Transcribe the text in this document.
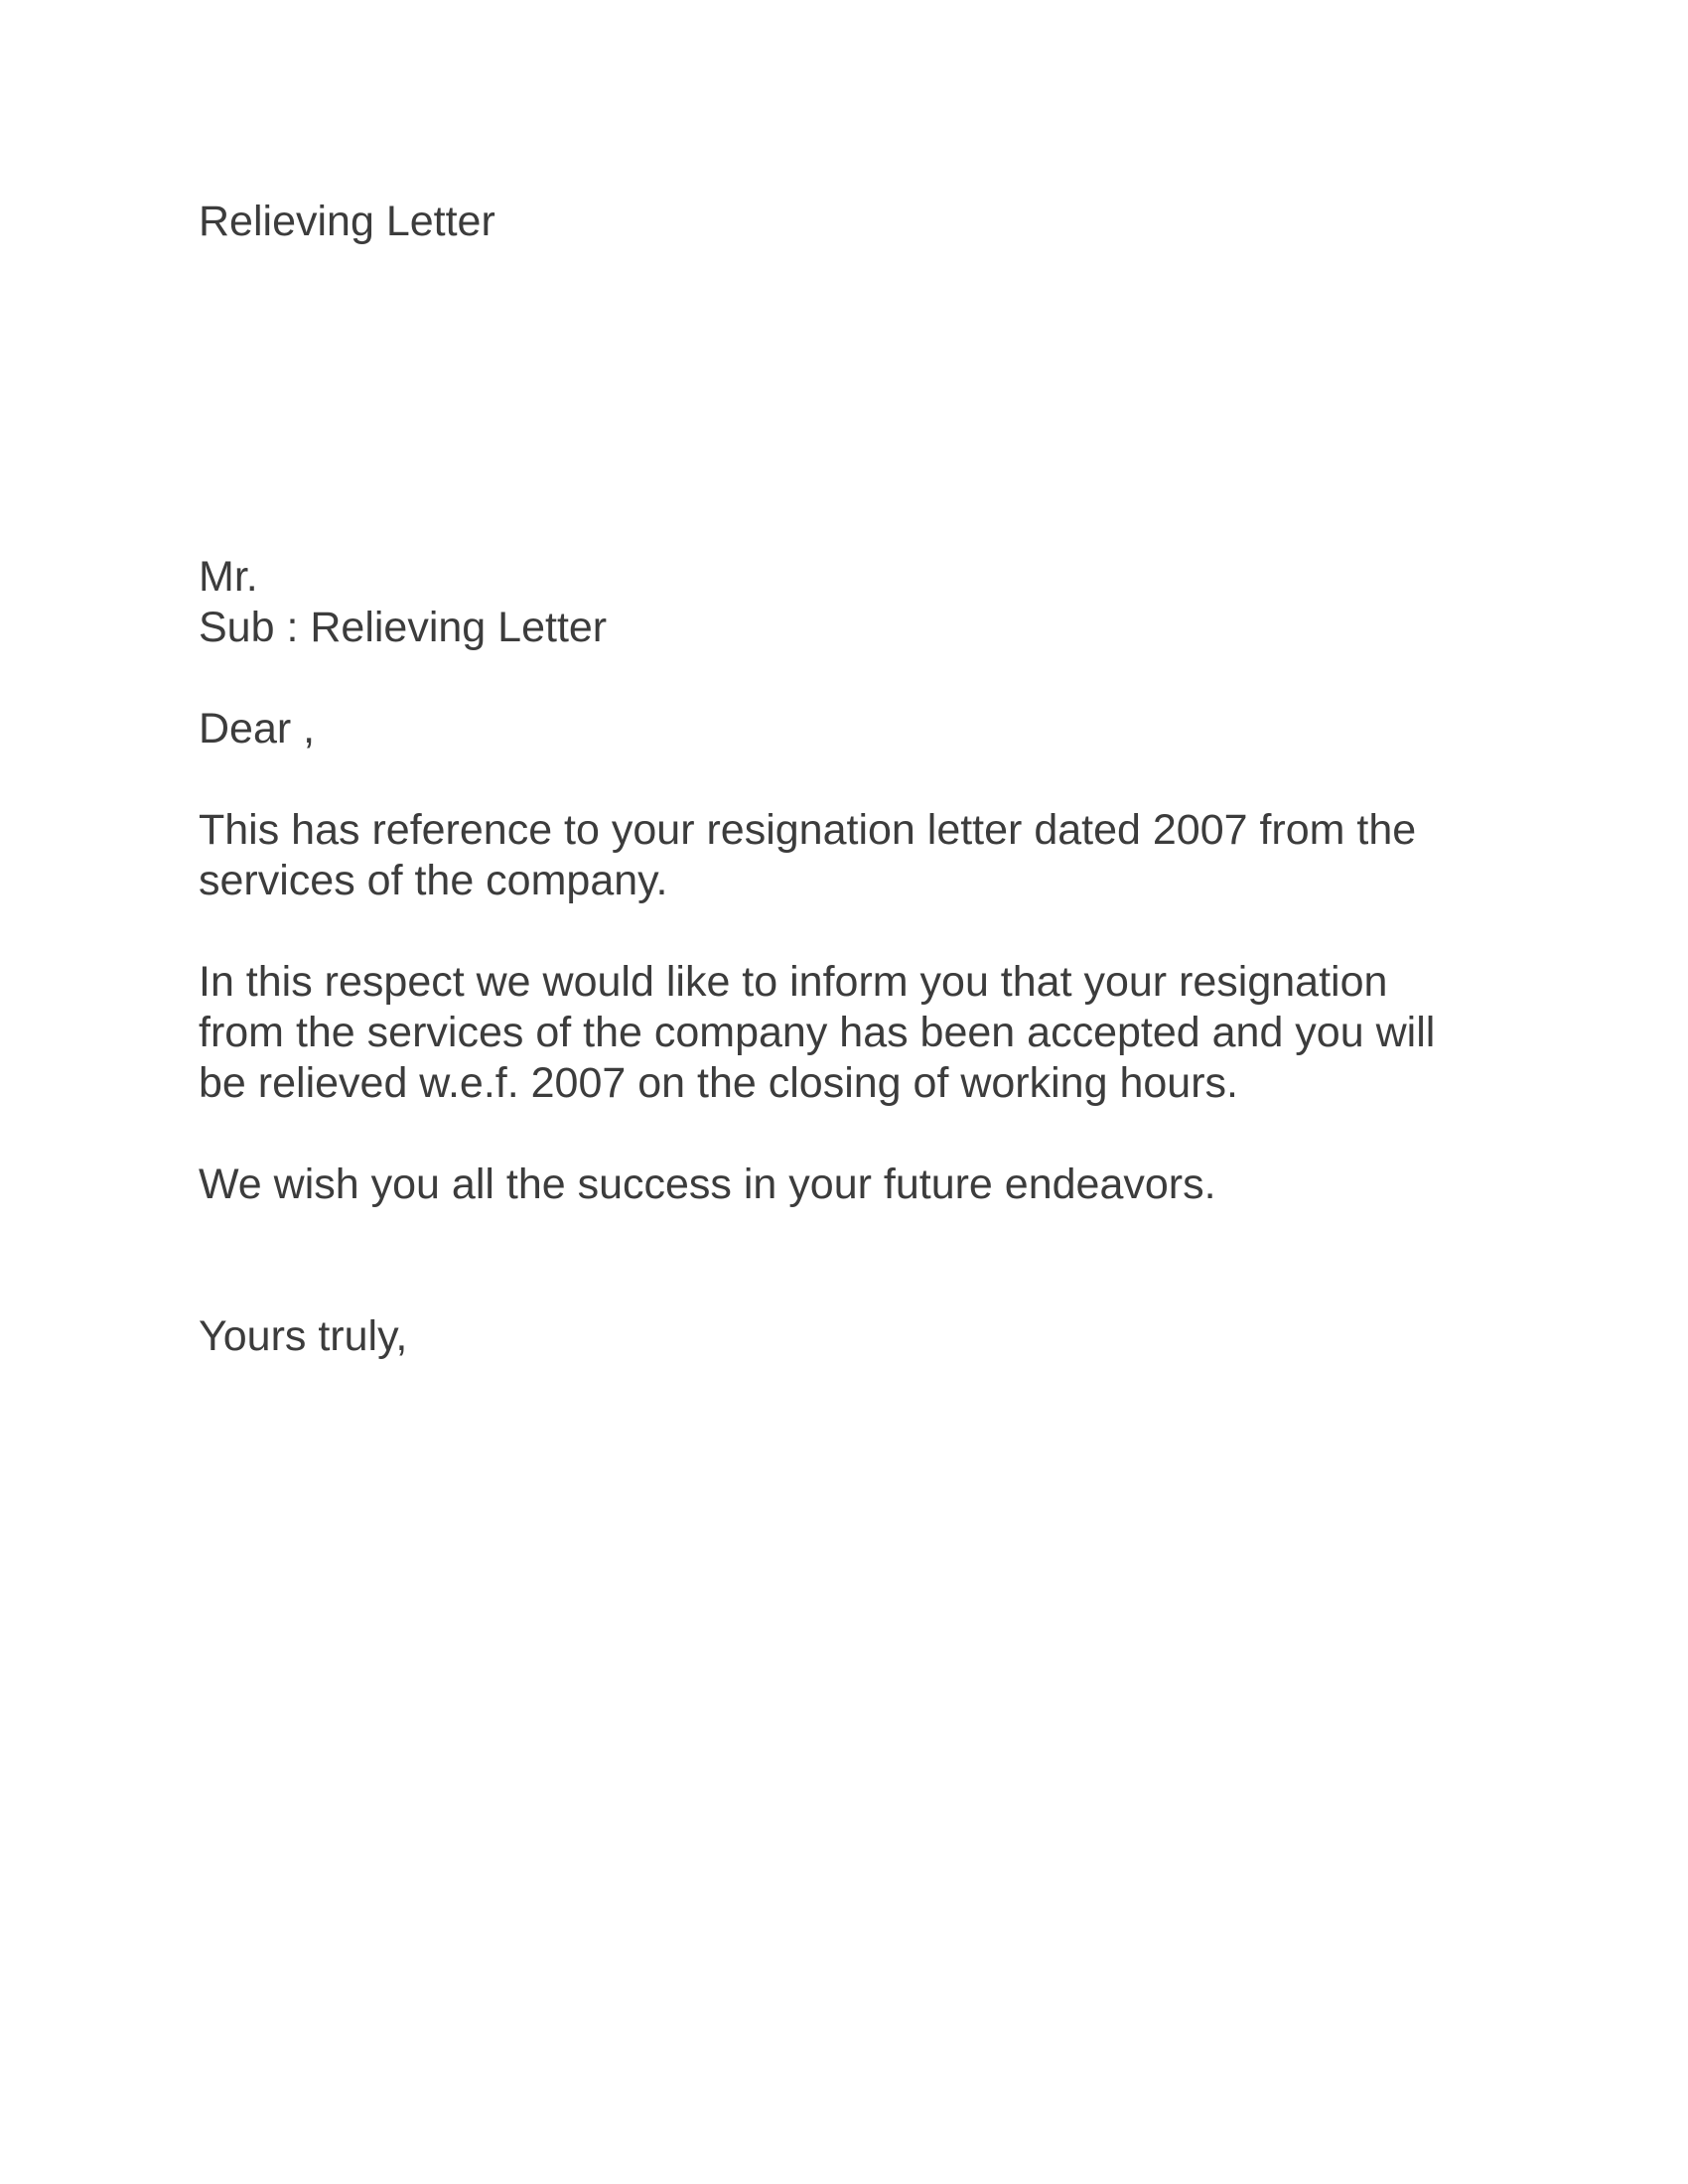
Relieving Letter

Mr.

Sub : Relieving Letter

Dear ,

This has reference to your resignation letter dated 2007 from the

services of the company.

In this respect we would like to inform you that your resignation

from the services of the company has been accepted and you will

be relieved w.e.f. 2007 on the closing of working hours.

We wish you all the success in your future endeavors.

Yours truly,
